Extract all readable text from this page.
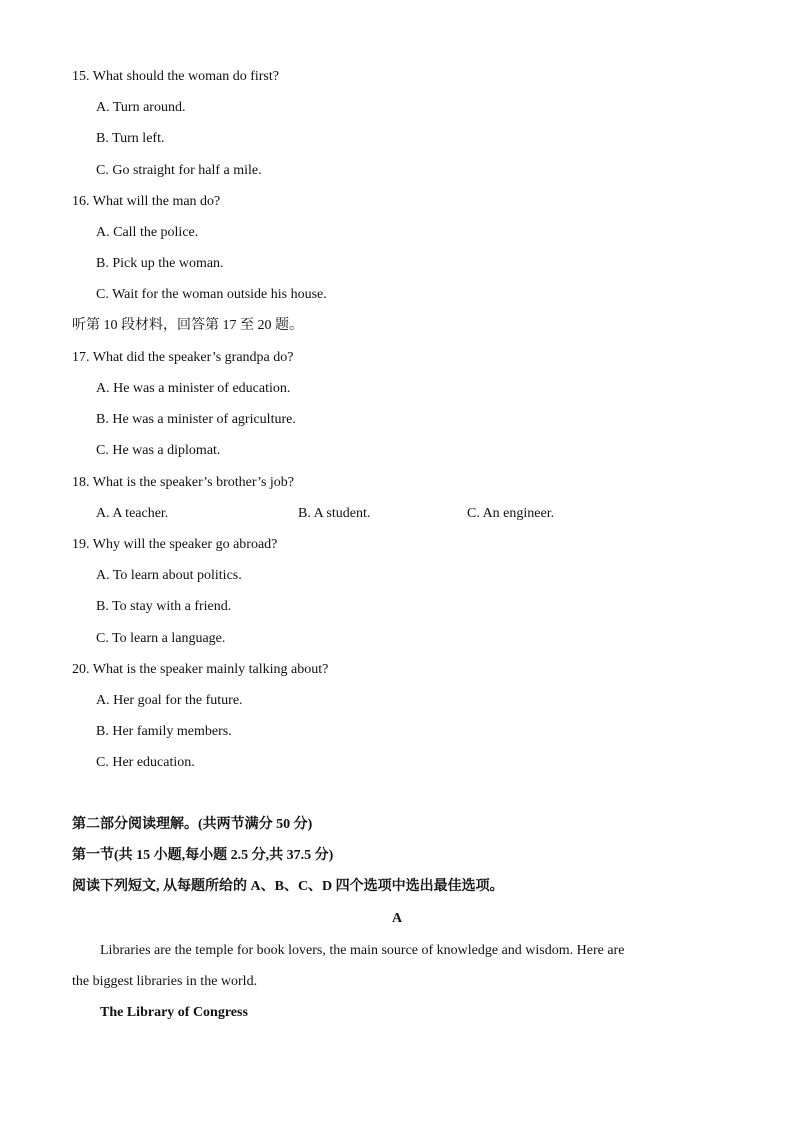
15. What should the woman do first?
A. Turn around.
B. Turn left.
C. Go straight for half a mile.
16. What will the man do?
A. Call the police.
B. Pick up the woman.
C. Wait for the woman outside his house.
听第 10 段材料，回答第 17 至 20 题。
17. What did the speaker’s grandpa do?
A. He was a minister of education.
B. He was a minister of agriculture.
C. He was a diplomat.
18. What is the speaker’s brother’s job?
A. A teacher.	B. A student.	C. An engineer.
19. Why will the speaker go abroad?
A. To learn about politics.
B. To stay with a friend.
C. To learn a language.
20. What is the speaker mainly talking about?
A. Her goal for the future.
B. Her family members.
C. Her education.
第二部分阅读理解。(共两节满分 50 分)
第一节(共 15 小题,每小题 2.5 分,共 37.5 分)
阅读下列短文, 从每题所给的 A、B、C、D 四个选项中选出最佳选项。
A
Libraries are the temple for book lovers, the main source of knowledge and wisdom. Here are
the biggest libraries in the world.
The Library of Congress
